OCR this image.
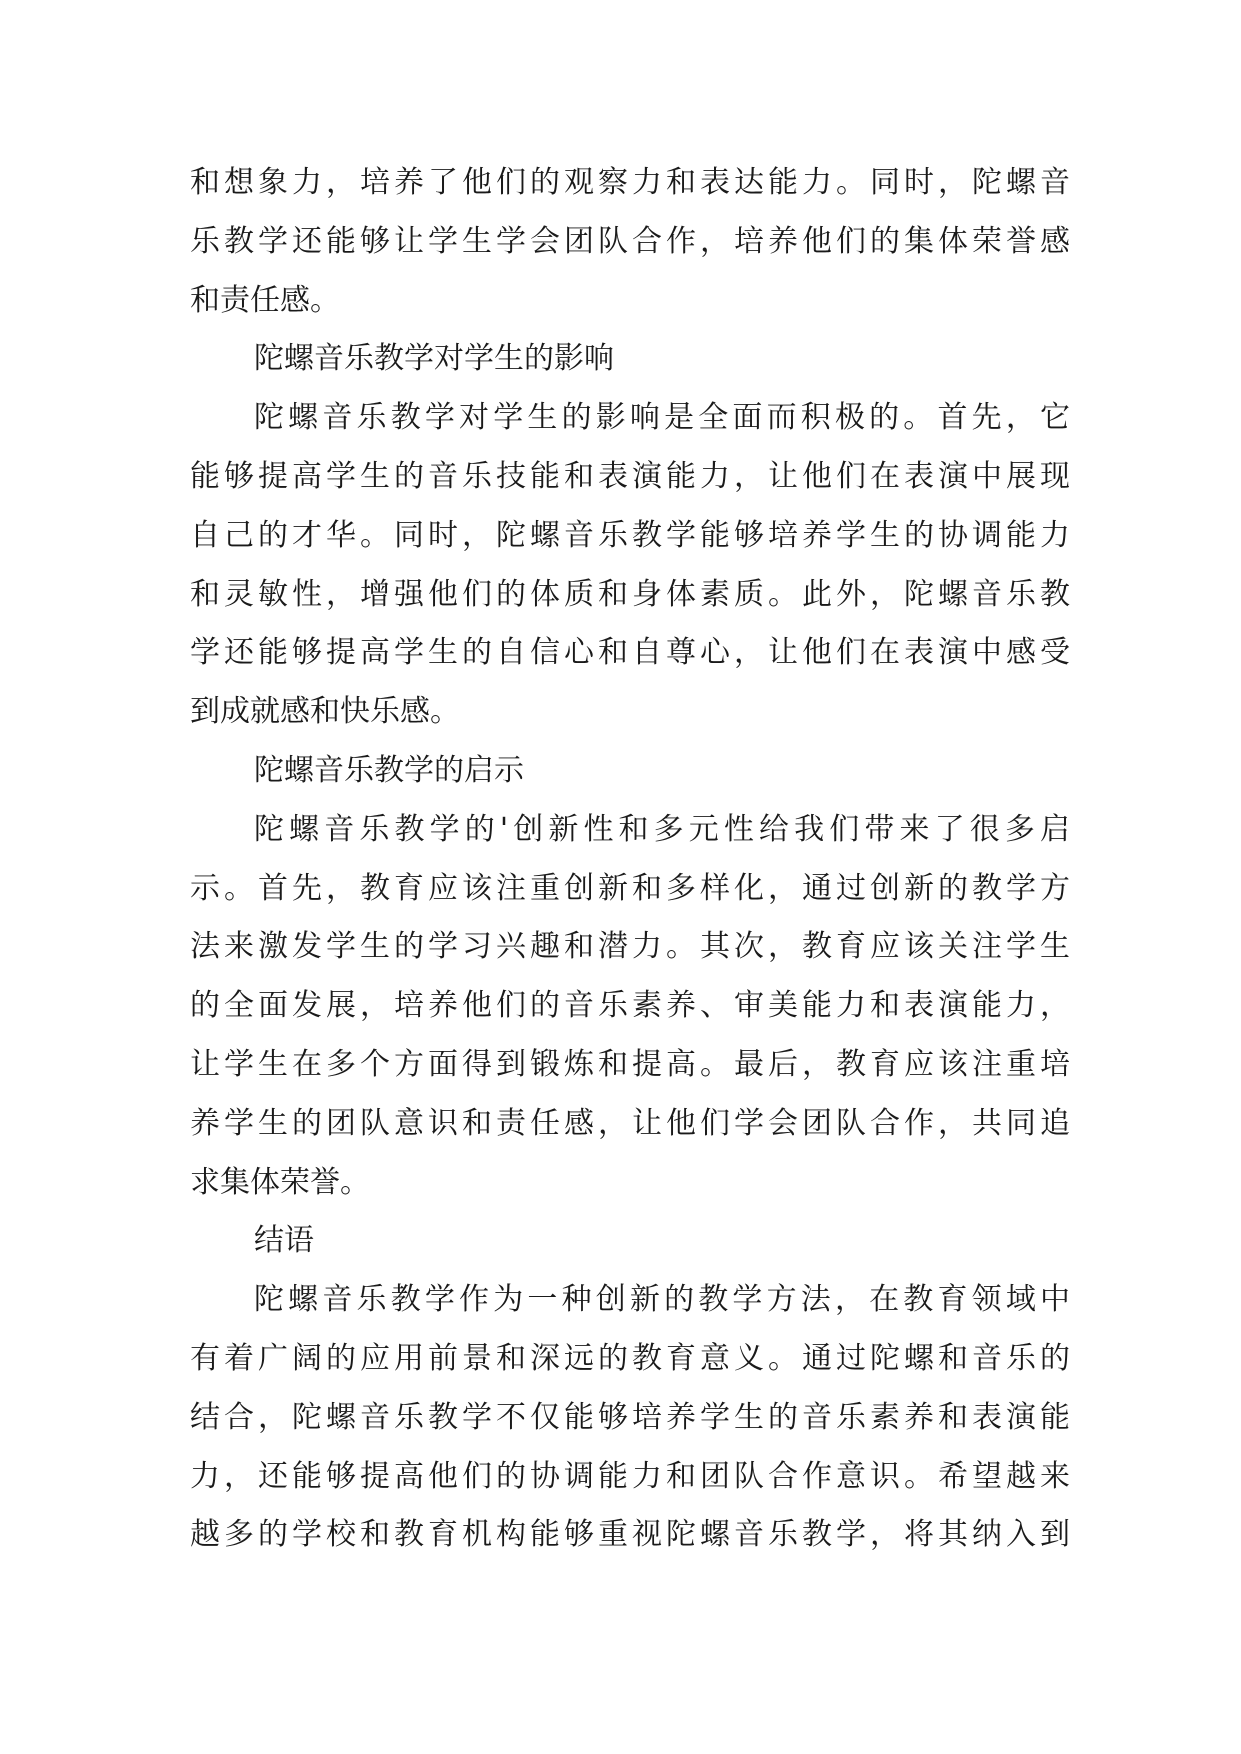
和想象力，培养了他们的观察力和表达能力。同时，陀螺音
乐教学还能够让学生学会团队合作，培养他们的集体荣誉感
和责任感。
陀螺音乐教学对学生的影响
陀螺音乐教学对学生的影响是全面而积极的。首先，它
能够提高学生的音乐技能和表演能力，让他们在表演中展现
自己的才华。同时，陀螺音乐教学能够培养学生的协调能力
和灵敏性，增强他们的体质和身体素质。此外，陀螺音乐教
学还能够提高学生的自信心和自尊心，让他们在表演中感受
到成就感和快乐感。
陀螺音乐教学的启示
陀螺音乐教学的'创新性和多元性给我们带来了很多启
示。首先，教育应该注重创新和多样化，通过创新的教学方
法来激发学生的学习兴趣和潜力。其次，教育应该关注学生
的全面发展，培养他们的音乐素养、审美能力和表演能力，
让学生在多个方面得到锻炼和提高。最后，教育应该注重培
养学生的团队意识和责任感，让他们学会团队合作，共同追
求集体荣誉。
结语
陀螺音乐教学作为一种创新的教学方法，在教育领域中
有着广阔的应用前景和深远的教育意义。通过陀螺和音乐的
结合，陀螺音乐教学不仅能够培养学生的音乐素养和表演能
力，还能够提高他们的协调能力和团队合作意识。希望越来
越多的学校和教育机构能够重视陀螺音乐教学，将其纳入到
